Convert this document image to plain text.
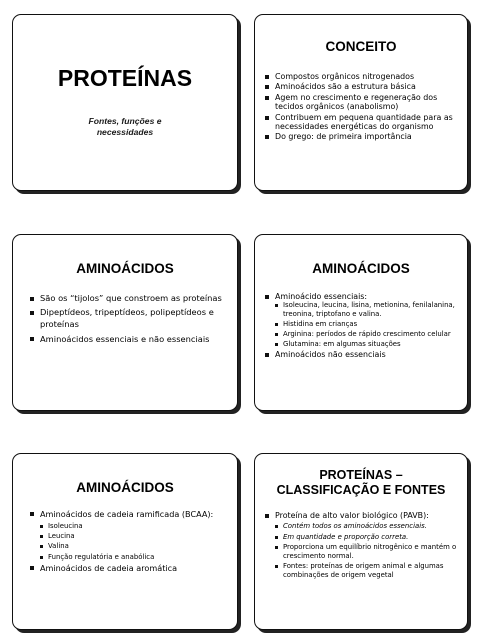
PROTEÍNAS
Fontes, funções e
necessidades
CONCEITO
Compostos orgânicos nitrogenados
Aminoácidos são a estrutura básica
Agem no crescimento e regeneração dos tecidos orgânicos (anabolismo)
Contribuem em pequena quantidade para as necessidades energéticas do organismo
Do grego: de primeira importância
AMINOÁCIDOS
São os “tijolos” que constroem as proteínas
Dipeptídeos, tripeptídeos, polipeptídeos e proteínas
Aminoácidos essenciais e não essenciais
AMINOÁCIDOS
Aminoácido essenciais:
Isoleucina, leucina, lisina, metionina, fenilalanina, treonina, triptofano e valina.
Histidina em crianças
Arginina: períodos de rápido crescimento celular
Glutamina: em algumas situações
Aminoácidos não essenciais
AMINOÁCIDOS
Aminoácidos de cadeia ramificada (BCAA):
Isoleucina
Leucina
Valina
Função regulatória e anabólica
Aminoácidos de cadeia aromática
PROTEÍNAS –
CLASSIFICAÇÃO E FONTES
Proteína de alto valor biológico (PAVB):
Contém todos os aminoácidos essenciais.
Em quantidade e proporção correta.
Proporciona um equilíbrio nitrogênico e mantém o crescimento normal.
Fontes: proteínas de origem animal e algumas combinações de origem vegetal
